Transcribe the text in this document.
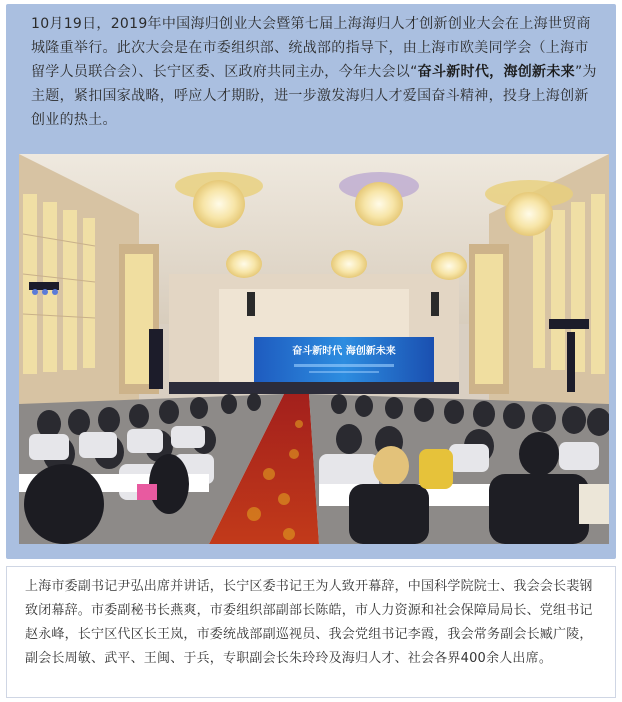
10月19日，2019年中国海归创业大会暨第七届上海海归人才创新创业大会在上海世贸商城隆重举行。此次大会是在市委组织部、统战部的指导下，由上海市欧美同学会（上海市留学人员联合会）、长宁区委、区政府共同主办，今年大会以“奋斗新时代，海创新未来”为主题，紧扣国家战略，呼应人才期盼，进一步激发海归人才爱国奋斗精神，投身上海创新创业的热土。

奋斗新时代 海创新未来

上海市委副书记尹弘出席并讲话，长宁区委书记王为人致开幕辞，中国科学院院士、我会会长裴钢致闭幕辞。市委副秘书长燕爽，市委组织部副部长陈皓，市人力资源和社会保障局局长、党组书记赵永峰，长宁区代区长王岚，市委统战部副巡视员、我会党组书记李霞，我会常务副会长臧广陵，副会长周敏、武平、王闽、于兵，专职副会长朱玲玲及海归人才、社会各界400余人出席。
